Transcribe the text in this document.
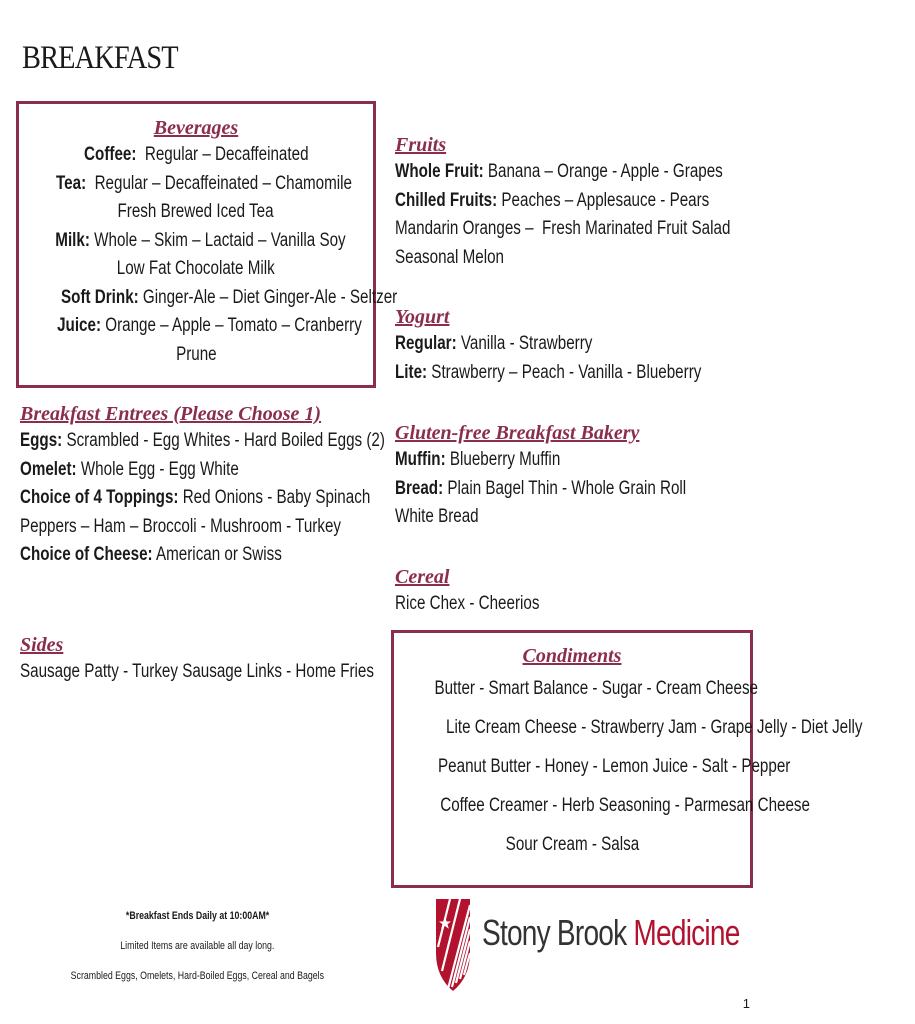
BREAKFAST
Beverages
Coffee:  Regular – Decaffeinated
Tea:  Regular – Decaffeinated – Chamomile
Fresh Brewed Iced Tea
Milk: Whole – Skim – Lactaid – Vanilla Soy
Low Fat Chocolate Milk
Soft Drink: Ginger-Ale – Diet Ginger-Ale - Seltzer
Juice: Orange – Apple – Tomato – Cranberry
Prune
Breakfast Entrees (Please Choose 1)
Eggs: Scrambled - Egg Whites - Hard Boiled Eggs (2)
Omelet: Whole Egg - Egg White
Choice of 4 Toppings: Red Onions - Baby Spinach
Peppers – Ham – Broccoli - Mushroom - Turkey
Choice of Cheese: American or Swiss
Sides
Sausage Patty - Turkey Sausage Links - Home Fries
Fruits
Whole Fruit: Banana – Orange - Apple - Grapes
Chilled Fruits: Peaches – Applesauce - Pears
Mandarin Oranges –  Fresh Marinated Fruit Salad
Seasonal Melon
Yogurt
Regular: Vanilla - Strawberry
Lite: Strawberry – Peach - Vanilla - Blueberry
Gluten-free Breakfast Bakery
Muffin: Blueberry Muffin
Bread: Plain Bagel Thin - Whole Grain Roll
White Bread
Cereal
Rice Chex - Cheerios
Condiments
Butter - Smart Balance - Sugar - Cream Cheese
Lite Cream Cheese - Strawberry Jam - Grape Jelly - Diet Jelly
Peanut Butter - Honey - Lemon Juice - Salt - Pepper
Coffee Creamer - Herb Seasoning - Parmesan Cheese
Sour Cream - Salsa
*Breakfast Ends Daily at 10:00AM*
Limited Items are available all day long.
Scrambled Eggs, Omelets, Hard-Boiled Eggs, Cereal and Bagels
Stony Brook Medicine
1
